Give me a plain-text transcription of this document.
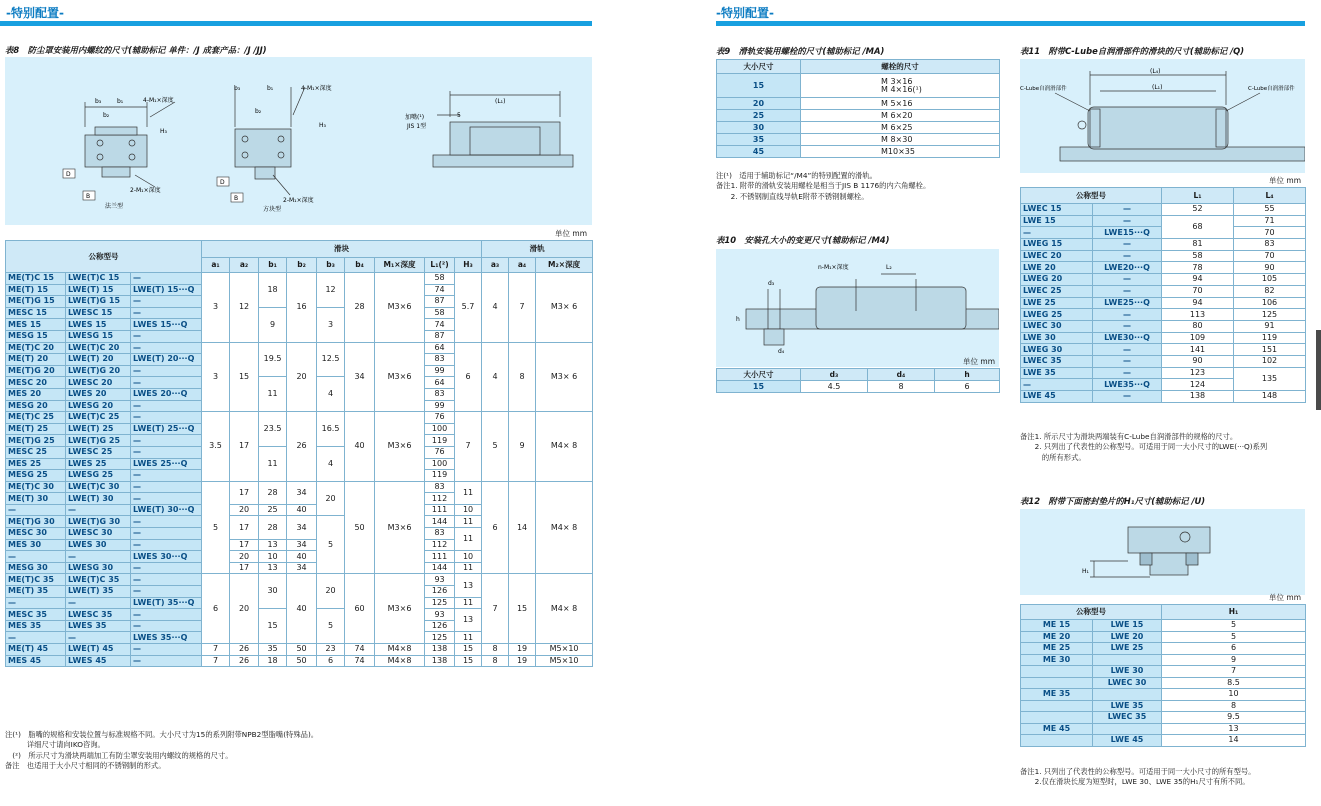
-特别配置-	-特别配置-
表8　防尘罩安装用内螺纹的尺寸(辅助标记 单件：/J 成套产品：/J /JJ)
b₃	b₁
b₂
4-M₁×深度
2-M₁×深度
H₃
D
B
法兰型
b₃	b₁
b₂
4-M₁×深度
2-M₁×深度
H₃
D
B
方块型
(L₁)
加嘴(¹)
JIS 1型
5
单位 mm
公称型号			滑块									滑轨		
			a₁	a₂	b₁	b₂	b₃	b₄	M₁×深度	L₁(²)	H₃	a₃	a₄	M₂×深度
ME(T)C 15	LWE(T)C 15	—	3	12	18	16	12	28	M3×6	58	5.7	4	7	M3× 6
ME(T) 15	LWE(T) 15	LWE(T) 15···Q								74				
ME(T)G 15	LWE(T)G 15	—								87				
MESC 15	LWESC 15	—			9		3			58				
MES 15	LWES 15	LWES 15···Q								74				
MESG 15	LWESG 15	—								87				
ME(T)C 20	LWE(T)C 20	—	3	15	19.5	20	12.5	34	M3×6	64	6	4	8	M3× 6
ME(T) 20	LWE(T) 20	LWE(T) 20···Q								83				
ME(T)G 20	LWE(T)G 20	—								99				
MESC 20	LWESC 20	—			11		4			64				
MES 20	LWES 20	LWES 20···Q								83				
MESG 20	LWESG 20	—								99				
ME(T)C 25	LWE(T)C 25	—	3.5	17	23.5	26	16.5	40	M3×6	76	7	5	9	M4× 8
ME(T) 25	LWE(T) 25	LWE(T) 25···Q								100				
ME(T)G 25	LWE(T)G 25	—								119				
MESC 25	LWESC 25	—			11		4			76				
MES 25	LWES 25	LWES 25···Q								100				
MESG 25	LWESG 25	—								119				
ME(T)C 30	LWE(T)C 30	—	5	17	28	34	20	50	M3×6	83	11	6	14	M4× 8
ME(T) 30	LWE(T) 30	—								112				
—	—	LWE(T) 30···Q		20	25	40				111	10			
ME(T)G 30	LWE(T)G 30	—		17	28	34	5			144	11			
MESC 30	LWESC 30	—								83	11			
MES 30	LWES 30	—		17	13	34				112				
—	—	LWES 30···Q		20	10	40				111	10			
MESG 30	LWESG 30	—		17	13	34				144	11			
ME(T)C 35	LWE(T)C 35	—	6	20	30	40	20	60	M3×6	93	13	7	15	M4× 8
ME(T) 35	LWE(T) 35	—								126				
—	—	LWE(T) 35···Q								125	11			
MESC 35	LWESC 35	—			15		5			93	13			
MES 35	LWES 35	—								126				
—	—	LWES 35···Q								125	11			
ME(T) 45	LWE(T) 45	—	7	26	35	50	23	74	M4×8	138	15	8	19	M5×10
MES 45	LWES 45	—	7	26	18	50	6	74	M4×8	138	15	8	19	M5×10
注(¹)　脂嘴的规格和安装位置与标准规格不同。大小尺寸为15的系列附带NPB2型脂嘴(特殊品)。
　　　详细尺寸请向IKO咨询。
　(²)　所示尺寸为滑块两端加工有防尘罩安装用内螺纹的规格的尺寸。
备注　也适用于大小尺寸相同的不锈钢制的形式。
表9　滑轨安装用螺栓的尺寸(辅助标记 /MA)
大小尺寸	螺栓的尺寸
15	M 3×16
M 4×16(¹)

20	M 5×16

25	M 6×20

30	M 6×25

35	M 8×30

45	M10×35
注(¹)　适用于辅助标记“/M4”的特别配置的滑轨。
备注1. 附带的滑轨安装用螺栓是相当于JIS B 1176的内六角螺栓。
　　2. 不锈钢制直线导轨E附带不锈钢制螺栓。
表10　安装孔大小的变更尺寸(辅助标记 /M4)
n-M₁×深度	L₂
d₃
d₄
h
单位 mm
大小尺寸	d₃	d₄	h
15	4.5	8	6
表11　附带C-Lube自润滑部件的滑块的尺寸(辅助标记 /Q)
(L₄)
(L₁)
C-Lube自润滑部件	C-Lube自润滑部件
单位 mm
公称型号		L₁	L₄
LWEC 15	—	52	55
LWE 15	—	68	71
—	LWE15···Q		70
LWEG 15	—	81	83
LWEC 20	—	58	70
LWE 20	LWE20···Q	78	90
LWEG 20	—	94	105
LWEC 25	—	70	82
LWE 25	LWE25···Q	94	106
LWEG 25	—	113	125
LWEC 30	—	80	91
LWE 30	LWE30···Q	109	119
LWEG 30	—	141	151
LWEC 35	—	90	102
LWE 35	—	123	135
—	LWE35···Q	124	
LWE 45	—	138	148
备注1. 所示尺寸为滑块两端装有C-Lube自润滑部件的规格的尺寸。
　　2. 只列出了代表性的公称型号。可适用于同一大小尺寸的LWE(···Q)系列
　　　的所有形式。
表12　附带下面密封垫片的H₁尺寸(辅助标记 /U)
H₁
单位 mm
公称型号		H₁
ME 15	LWE 15	5
ME 20	LWE 20	5
ME 25	LWE 25	6
ME 30		9
	LWE 30	7
	LWEC 30	8.5
ME 35		10
	LWE 35	8
	LWEC 35	9.5
ME 45		13
	LWE 45	14
备注1. 只列出了代表性的公称型号。可适用于同一大小尺寸的所有型号。
　　2.仅在滑块长度为短型时，LWE 30、LWE 35的H₁尺寸有所不同。
